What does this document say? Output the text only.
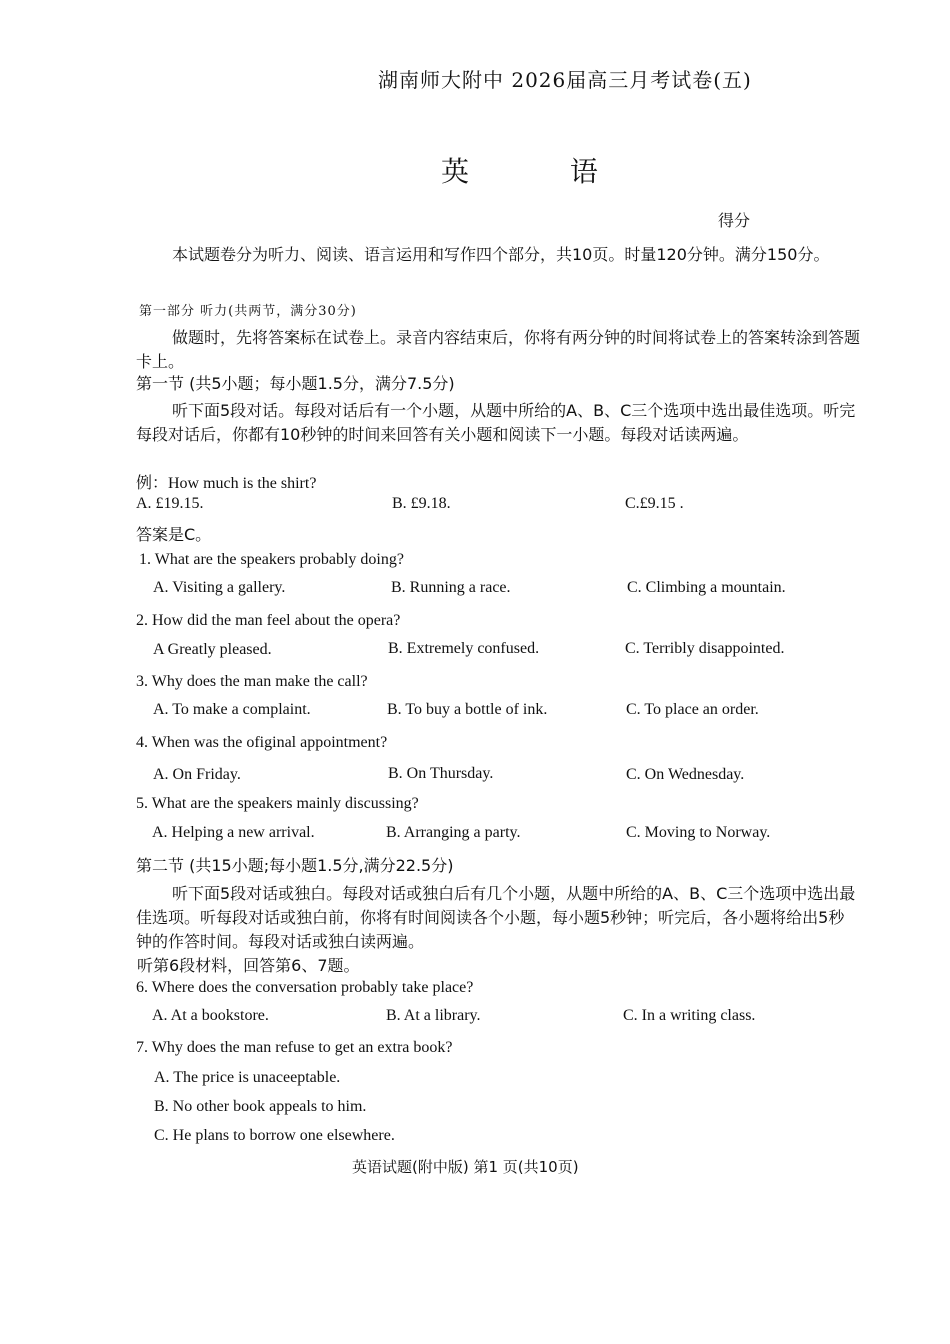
湖南师大附中 2026届高三月考试卷(五)
英 语
得分
本试题卷分为听力、阅读、语言运用和写作四个部分，共10页。时量120分钟。满分150分。
第一部分 听力(共两节，满分30分)
做题时，先将答案标在试卷上。录音内容结束后，你将有两分钟的时间将试卷上的答案转涂到答题卡上。
第一节 (共5小题；每小题1.5分，满分7.5分)
听下面5段对话。每段对话后有一个小题，从题中所给的A、B、C三个选项中选出最佳选项。听完每段对话后，你都有10秒钟的时间来回答有关小题和阅读下一小题。每段对话读两遍。
例：How much is the shirt?
A. £19.15.	B. £9.18.	C.£9.15 .
答案是C。
1. What are the speakers probably doing?
A. Visiting a gallery.	B. Running a race.	C. Climbing a mountain.
2. How did the man feel about the opera?
A Greatly pleased.	B. Extremely confused.	C. Terribly disappointed.
3. Why does the man make the call?
A. To make a complaint.	B. To buy a bottle of ink.	C. To place an order.
4. When was the ofiginal appointment?
A. On Friday.	B. On Thursday.	C. On Wednesday.
5. What are the speakers mainly discussing?
A. Helping a new arrival.	B. Arranging a party.	C. Moving to Norway.
第二节 (共15小题;每小题1.5分,满分22.5分)
听下面5段对话或独白。每段对话或独白后有几个小题，从题中所给的A、B、C三个选项中选出最佳选项。听每段对话或独白前，你将有时间阅读各个小题，每小题5秒钟；听完后，各小题将给出5秒钟的作答时间。每段对话或独白读两遍。
听第6段材料，回答第6、7题。
6. Where does the conversation probably take place?
A. At a bookstore.	B. At a library.	C. In a writing class.
7. Why does the man refuse to get an extra book?
A. The price is unaceeptable.
B. No other book appeals to him.
C. He plans to borrow one elsewhere.
英语试题(附中版) 第1 页(共10页)
